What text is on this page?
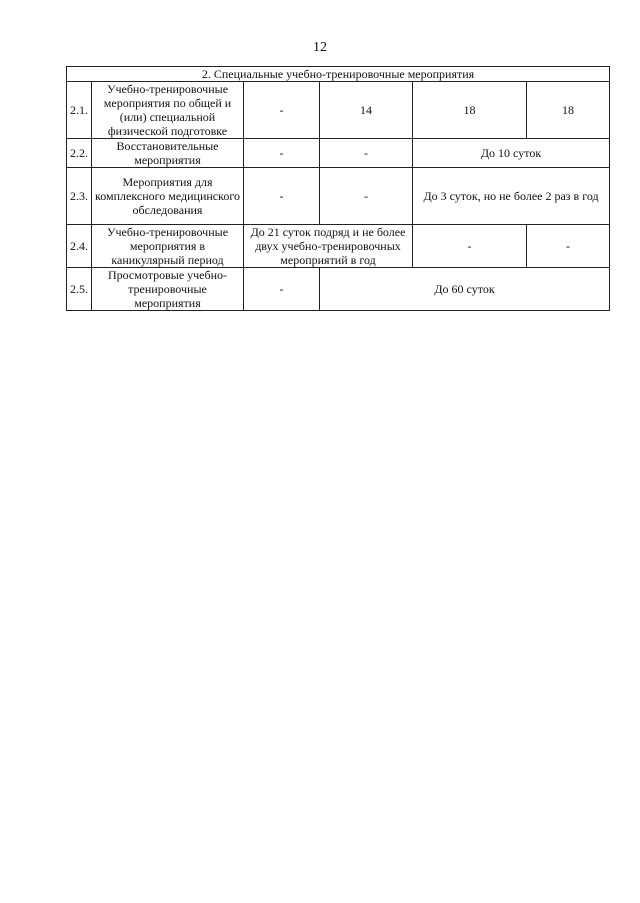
12
2. Специальные учебно-тренировочные мероприятия					
2.1.	Учебно-тренировочные мероприятия по общей и (или) специальной физической подготовке	-	14	18	18
2.2.	Восстановительные мероприятия	-	-	До 10 суток	
2.3.	Мероприятия для комплексного медицинского обследования	-	-	До 3 суток, но не более 2 раз в год	
2.4.	Учебно-тренировочные мероприятия в каникулярный период	До 21 суток подряд и не более двух учебно-тренировочных мероприятий в год		-	-
2.5.	Просмотровые учебно-тренировочные мероприятия	-	До 60 суток		
